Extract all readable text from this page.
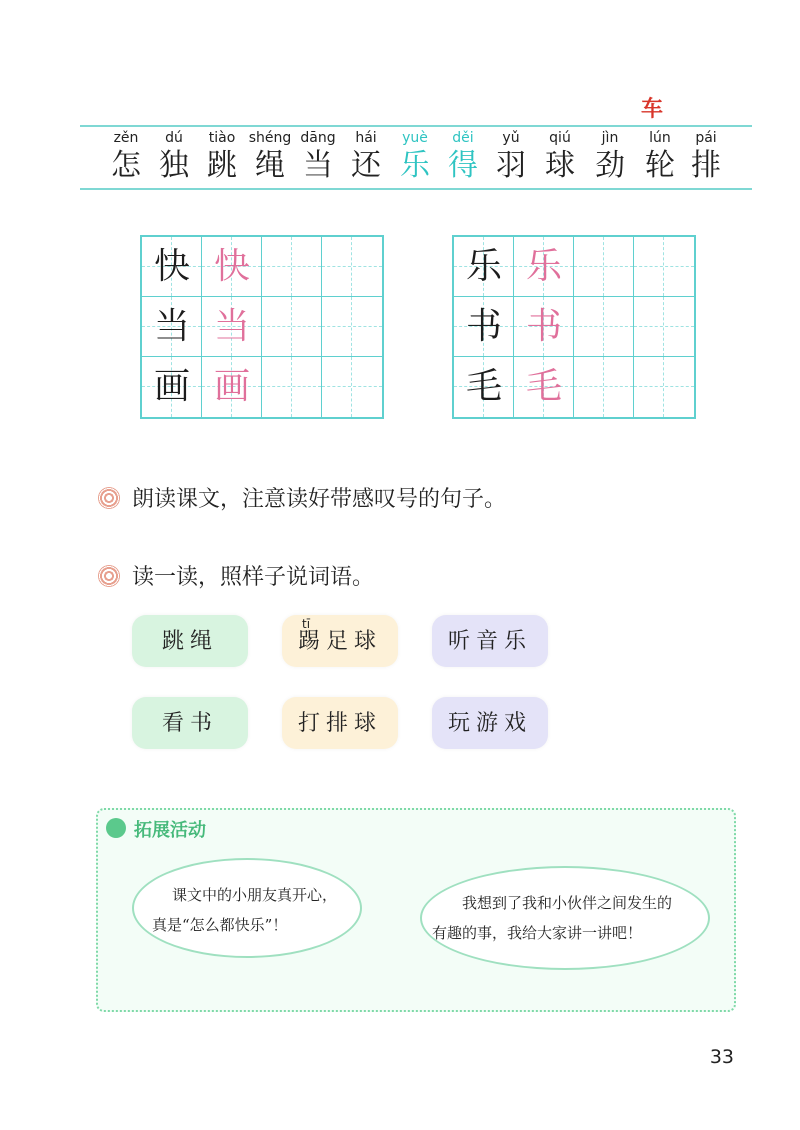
车
zěn
怎
dú
独
tiào
跳
shéng
绳
dāng
当
hái
还
yuè
乐
děi
得
yǔ
羽
qiú
球
jìn
劲
lún
轮
pái
排
快 快
当 当
画 画
乐 乐
书 书
毛 毛
朗读课文，注意读好带感叹号的句子。
读一读，照样子说词语。
跳绳
tī
踢足球	听音乐
看书	打排球	玩游戏
拓展活动
课文中的小朋友真开心，
真是“怎么都快乐”！
我想到了我和小伙伴之间发生的
有趣的事，我给大家讲一讲吧！
33
